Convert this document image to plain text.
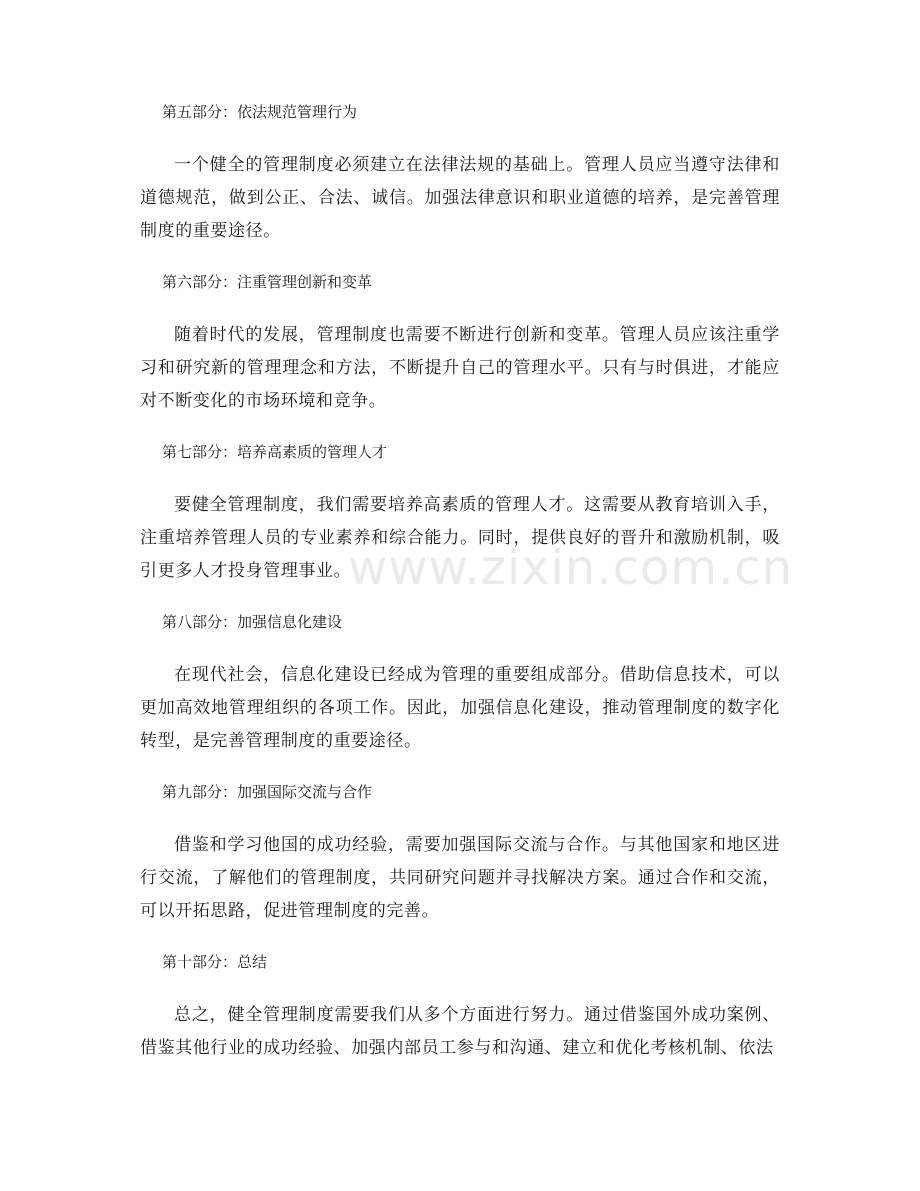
第五部分：依法规范管理行为

一个健全的管理制度必须建立在法律法规的基础上。管理人员应当遵守法律和道德规范，做到公正、合法、诚信。加强法律意识和职业道德的培养，是完善管理制度的重要途径。

第六部分：注重管理创新和变革

随着时代的发展，管理制度也需要不断进行创新和变革。管理人员应该注重学习和研究新的管理理念和方法，不断提升自己的管理水平。只有与时俱进，才能应对不断变化的市场环境和竞争。

第七部分：培养高素质的管理人才

要健全管理制度，我们需要培养高素质的管理人才。这需要从教育培训入手，注重培养管理人员的专业素养和综合能力。同时，提供良好的晋升和激励机制，吸引更多人才投身管理事业。

第八部分：加强信息化建设

在现代社会，信息化建设已经成为管理的重要组成部分。借助信息技术，可以更加高效地管理组织的各项工作。因此，加强信息化建设，推动管理制度的数字化转型，是完善管理制度的重要途径。

第九部分：加强国际交流与合作

借鉴和学习他国的成功经验，需要加强国际交流与合作。与其他国家和地区进行交流，了解他们的管理制度，共同研究问题并寻找解决方案。通过合作和交流，可以开拓思路，促进管理制度的完善。

第十部分：总结

总之，健全管理制度需要我们从多个方面进行努力。通过借鉴国外成功案例、借鉴其他行业的成功经验、加强内部员工参与和沟通、建立和优化考核机制、依法

www.zixin.com.cn
